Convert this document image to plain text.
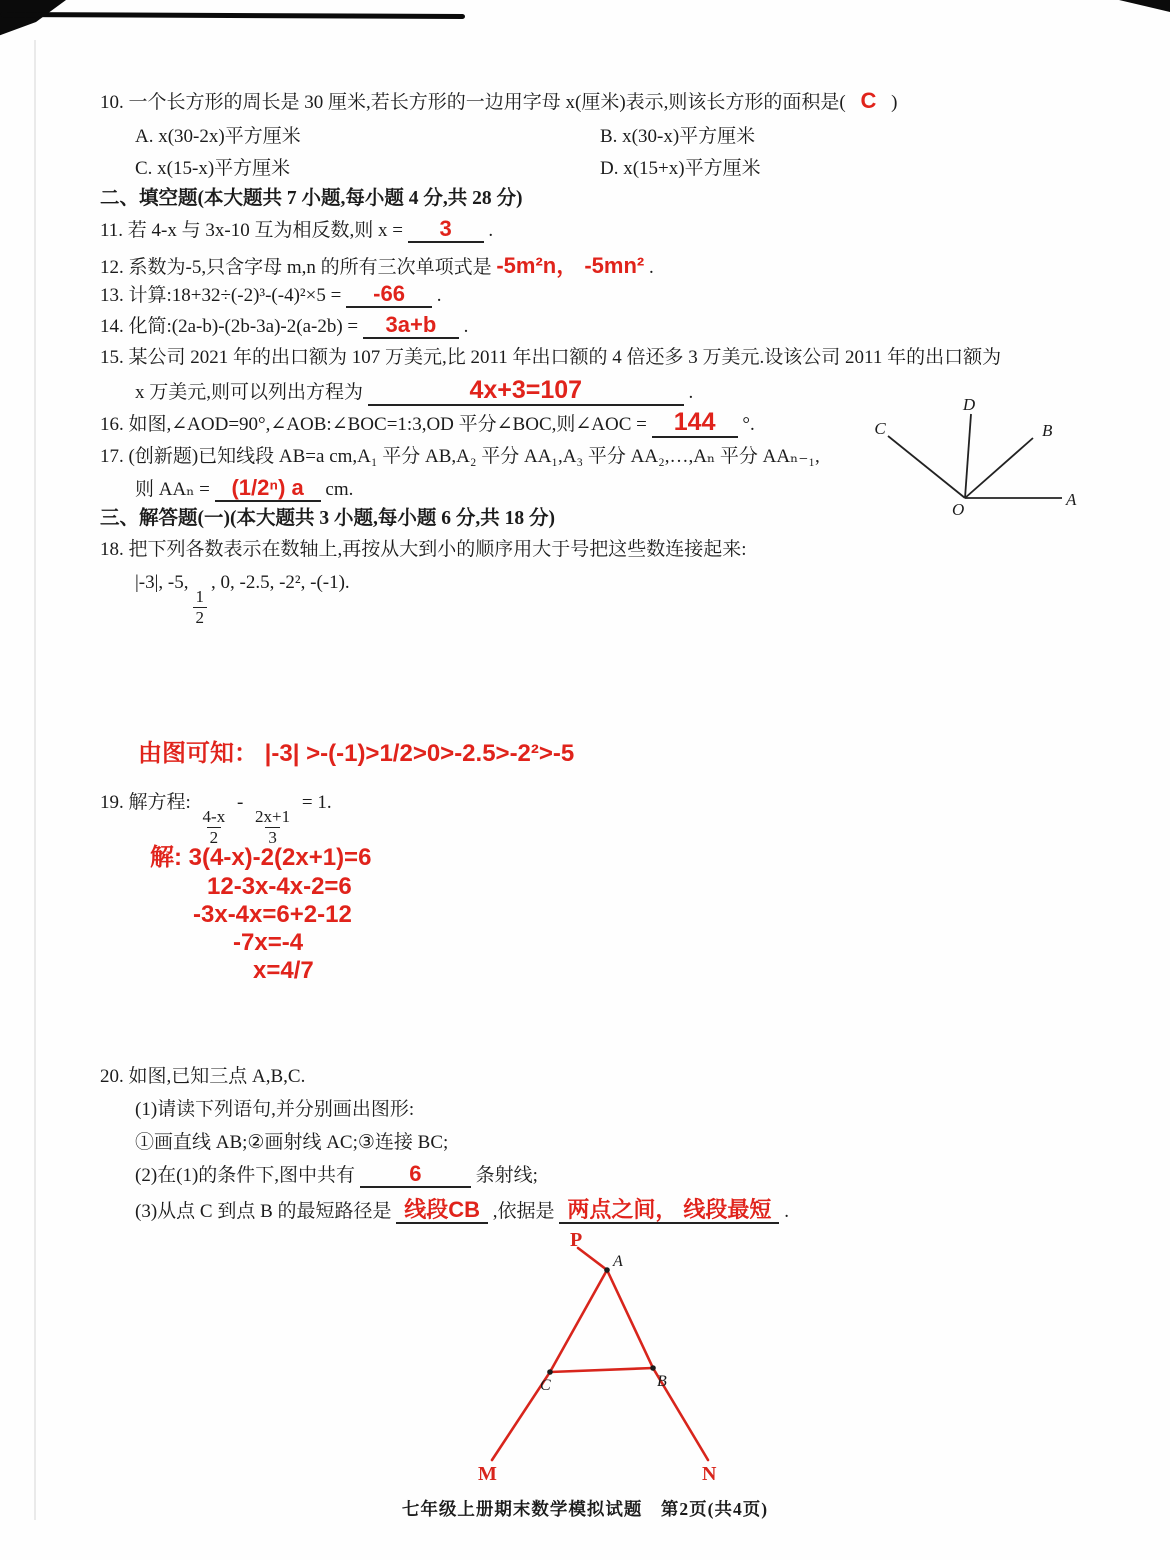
10. 一个长方形的周长是 30 厘米,若长方形的一边用字母 x(厘米)表示,则该长方形的面积是( C )
A. x(30-2x)平方厘米	B. x(30-x)平方厘米
C. x(15-x)平方厘米	D. x(15+x)平方厘米
二、填空题(本大题共 7 小题,每小题 4 分,共 28 分)
11. 若 4-x 与 3x-10 互为相反数,则 x = 3 .
12. 系数为-5,只含字母 m,n 的所有三次单项式是 -5m²n， -5mn² .
13. 计算:18+32÷(-2)³-(-4)²×5 = -66 .
14. 化简:(2a-b)-(2b-3a)-2(a-2b) = 3a+b .
15. 某公司 2021 年的出口额为 107 万美元,比 2011 年出口额的 4 倍还多 3 万美元.设该公司 2011 年的出口额为
x 万美元,则可以列出方程为	4x+3=107	.
16. 如图,∠AOD=90°,∠AOB:∠BOC=1:3,OD 平分∠BOC,则∠AOC = 144 °.
D
C	B
O
A
17. (创新题)已知线段 AB=a cm,A₁ 平分 AB,A₂ 平分 AA₁,A₃ 平分 AA₂,…,Aₙ 平分 AAₙ₋₁,
则 AAₙ = (1/2ⁿ) a cm.
三、解答题(一)(本大题共 3 小题,每小题 6 分,共 18 分)
18. 把下列各数表示在数轴上,再按从大到小的顺序用大于号把这些数连接起来:
|-3|, -5,
$\frac{1}{2}$
, 0, -2.5, -2², -(-1).
由图可知： |-3| >-(-1)>1/2>0>-2.5>-2²>-5
19. 解方程:
$\frac{4-x}{2}$
-
$\frac{2x+1}{3}$
= 1.
解: 3(4-x)-2(2x+1)=6
12-3x-4x-2=6
-3x-4x=6+2-12
-7x=-4
x=4/7
20. 如图,已知三点 A,B,C.
(1)请读下列语句,并分别画出图形:
①画直线 AB;②画射线 AC;③连接 BC;
(2)在(1)的条件下,图中共有 6	条射线;
(3)从点 C 到点 B 的最短路径是 线段CB ,依据是 两点之间， 线段最短 .
P
A
C	B
M	N
七年级上册期末数学模拟试题　第2页(共4页)
